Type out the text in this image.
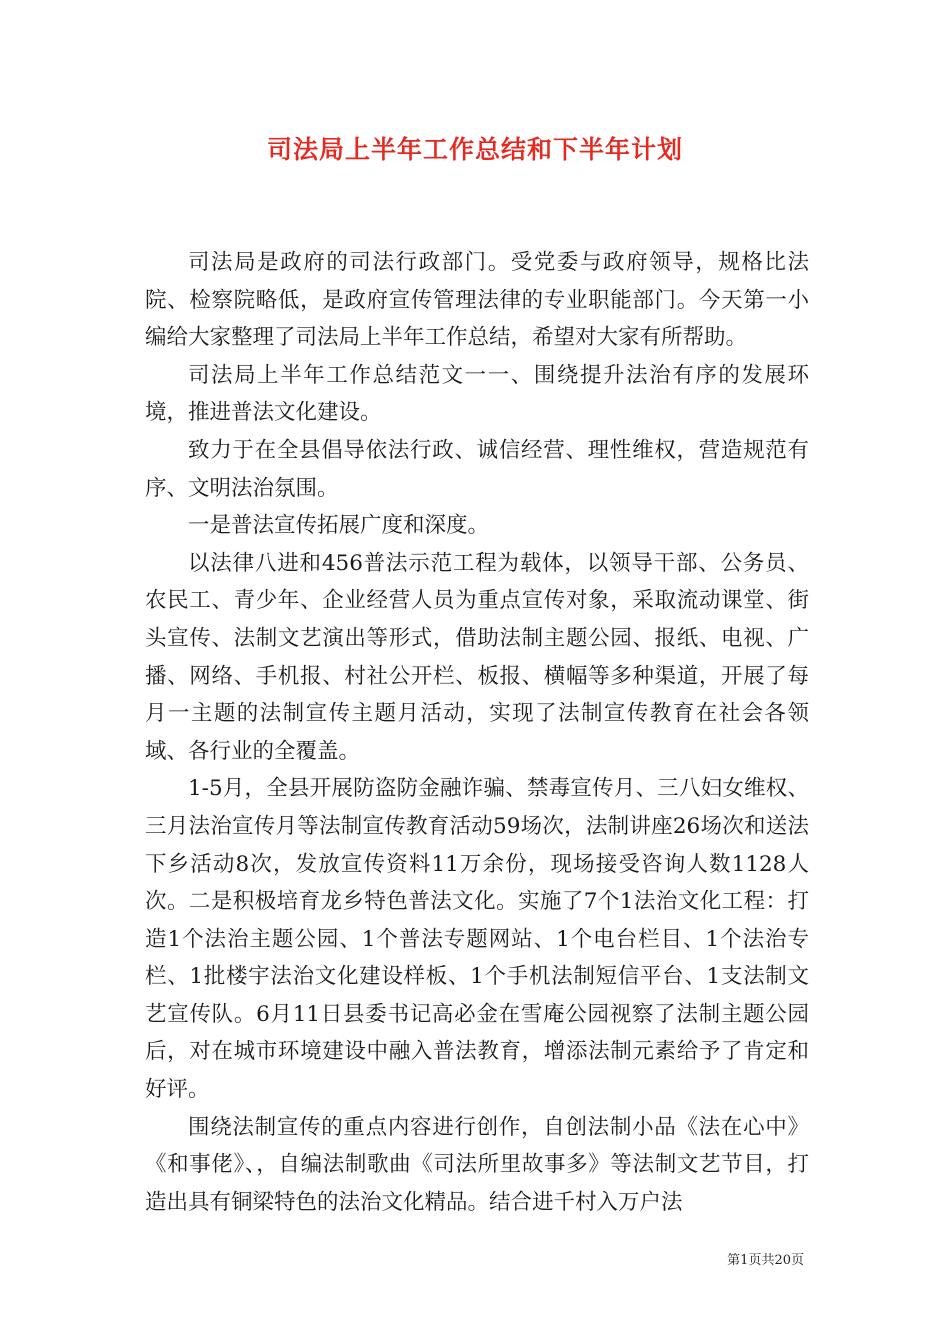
司法局上半年工作总结和下半年计划

司法局是政府的司法行政部门。受党委与政府领导，规格比法院、检察院略低，是政府宣传管理法律的专业职能部门。今天第一小编给大家整理了司法局上半年工作总结，希望对大家有所帮助。

司法局上半年工作总结范文一一、围绕提升法治有序的发展环境，推进普法文化建设。

致力于在全县倡导依法行政、诚信经营、理性维权，营造规范有序、文明法治氛围。

一是普法宣传拓展广度和深度。

以法律八进和456普法示范工程为载体，以领导干部、公务员、农民工、青少年、企业经营人员为重点宣传对象，采取流动课堂、街头宣传、法制文艺演出等形式，借助法制主题公园、报纸、电视、广播、网络、手机报、村社公开栏、板报、横幅等多种渠道，开展了每月一主题的法制宣传主题月活动，实现了法制宣传教育在社会各领域、各行业的全覆盖。

1-5月，全县开展防盗防金融诈骗、禁毒宣传月、三八妇女维权、三月法治宣传月等法制宣传教育活动59场次，法制讲座26场次和送法下乡活动8次，发放宣传资料11万余份，现场接受咨询人数1128人次。二是积极培育龙乡特色普法文化。实施了7个1法治文化工程：打造1个法治主题公园、1个普法专题网站、1个电台栏目、1个法治专栏、1批楼宇法治文化建设样板、1个手机法制短信平台、1支法制文艺宣传队。6月11日县委书记高必金在雪庵公园视察了法制主题公园后，对在城市环境建设中融入普法教育，增添法制元素给予了肯定和好评。

围绕法制宣传的重点内容进行创作，自创法制小品《法在心中》《和事佬》、，自编法制歌曲《司法所里故事多》等法制文艺节目，打造出具有铜梁特色的法治文化精品。结合进千村入万户法

第1页共20页
